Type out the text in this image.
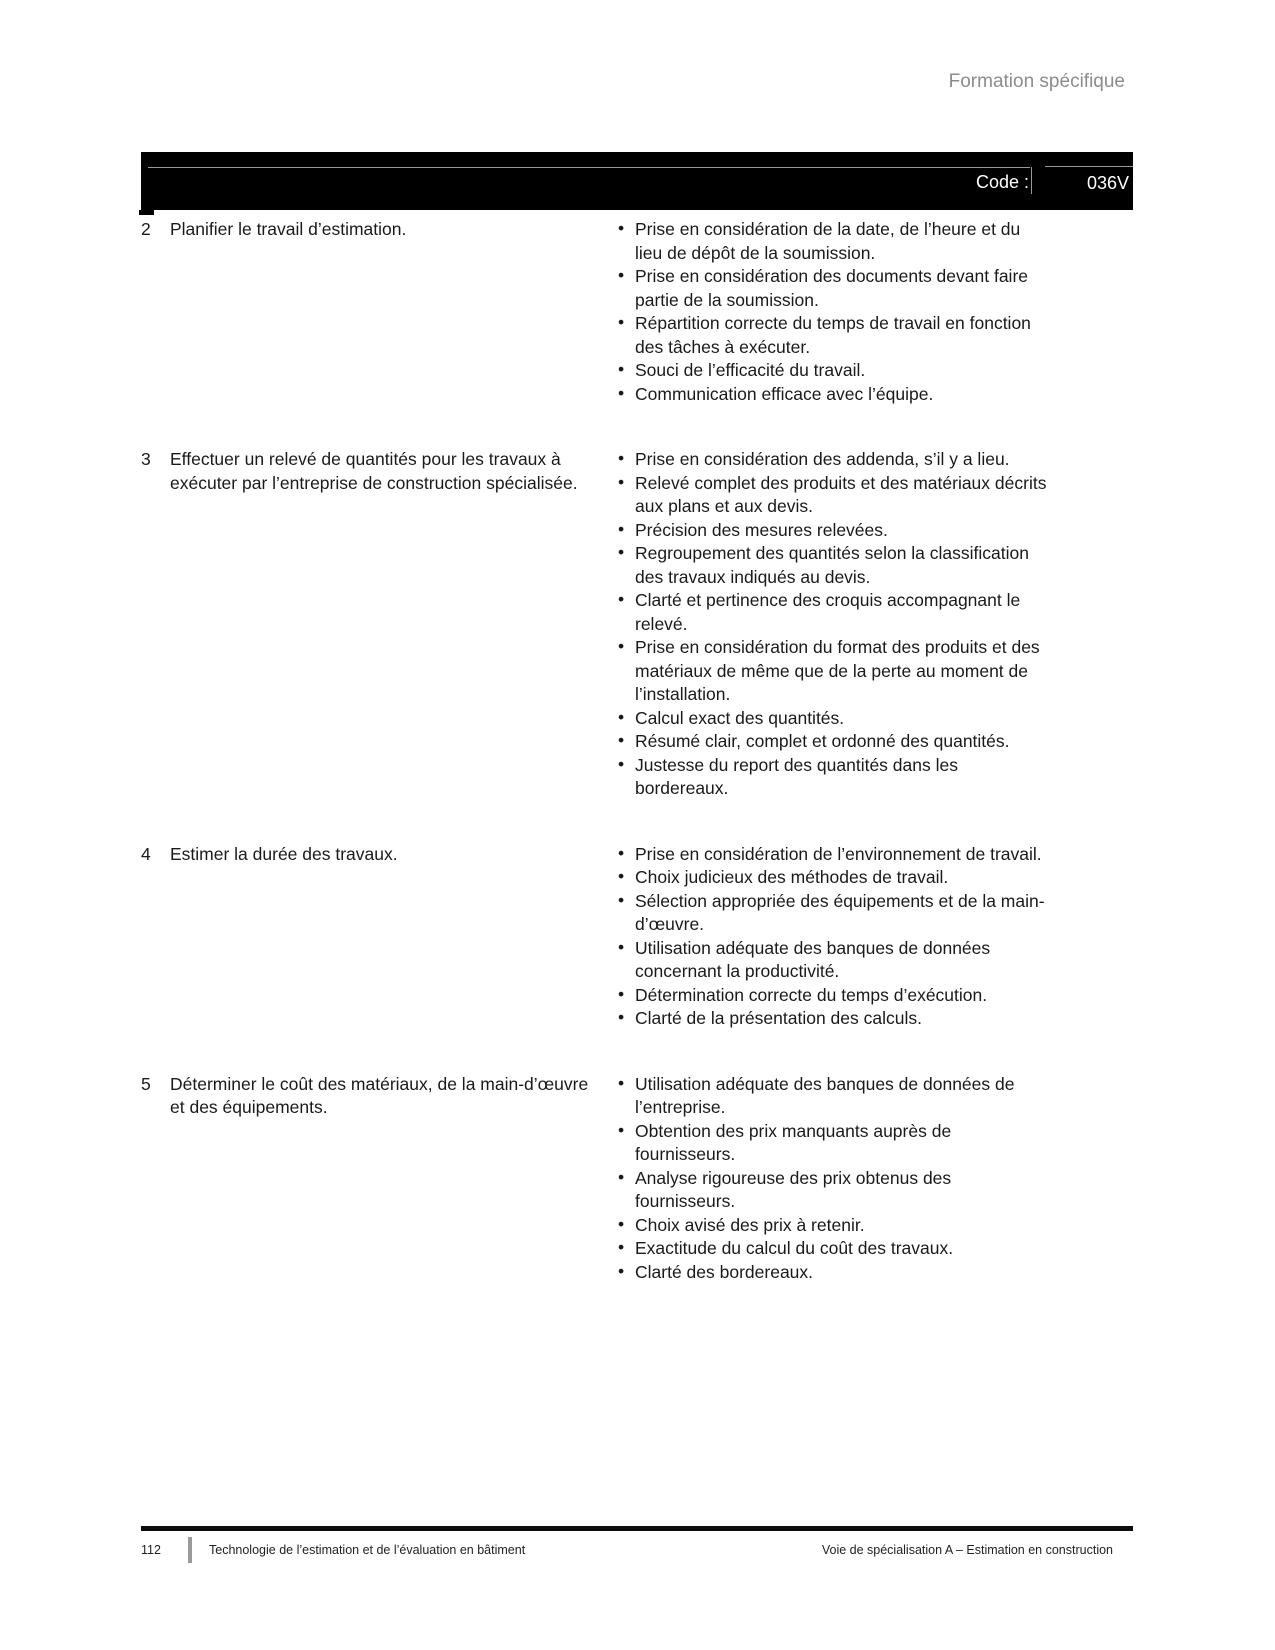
Formation spécifique
Code :	036V
2	Planifier le travail d’estimation.	• Prise en considération de la date, de l’heure et du lieu de dépôt de la soumission.
• Prise en considération des documents devant faire partie de la soumission.
• Répartition correcte du temps de travail en fonction des tâches à exécuter.
• Souci de l’efficacité du travail.
• Communication efficace avec l’équipe.
3	Effectuer un relevé de quantités pour les travaux à exécuter par l’entreprise de construction spécialisée.
• Prise en considération des addenda, s’il y a lieu.
• Relevé complet des produits et des matériaux décrits aux plans et aux devis.
• Précision des mesures relevées.
• Regroupement des quantités selon la classification des travaux indiqués au devis.
• Clarté et pertinence des croquis accompagnant le relevé.
• Prise en considération du format des produits et des matériaux de même que de la perte au moment de l’installation.
• Calcul exact des quantités.
• Résumé clair, complet et ordonné des quantités.
• Justesse du report des quantités dans les bordereaux.
4	Estimer la durée des travaux.	• Prise en considération de l’environnement de travail.
• Choix judicieux des méthodes de travail.
• Sélection appropriée des équipements et de la main-d’œuvre.
• Utilisation adéquate des banques de données concernant la productivité.
• Détermination correcte du temps d’exécution.
• Clarté de la présentation des calculs.
5	Déterminer le coût des matériaux, de la main-d’œuvre et des équipements.
• Utilisation adéquate des banques de données de l’entreprise.
• Obtention des prix manquants auprès de fournisseurs.
• Analyse rigoureuse des prix obtenus des fournisseurs.
• Choix avisé des prix à retenir.
• Exactitude du calcul du coût des travaux.
• Clarté des bordereaux.
112	Technologie de l’estimation et de l’évaluation en bâtiment	Voie de spécialisation A – Estimation en construction
